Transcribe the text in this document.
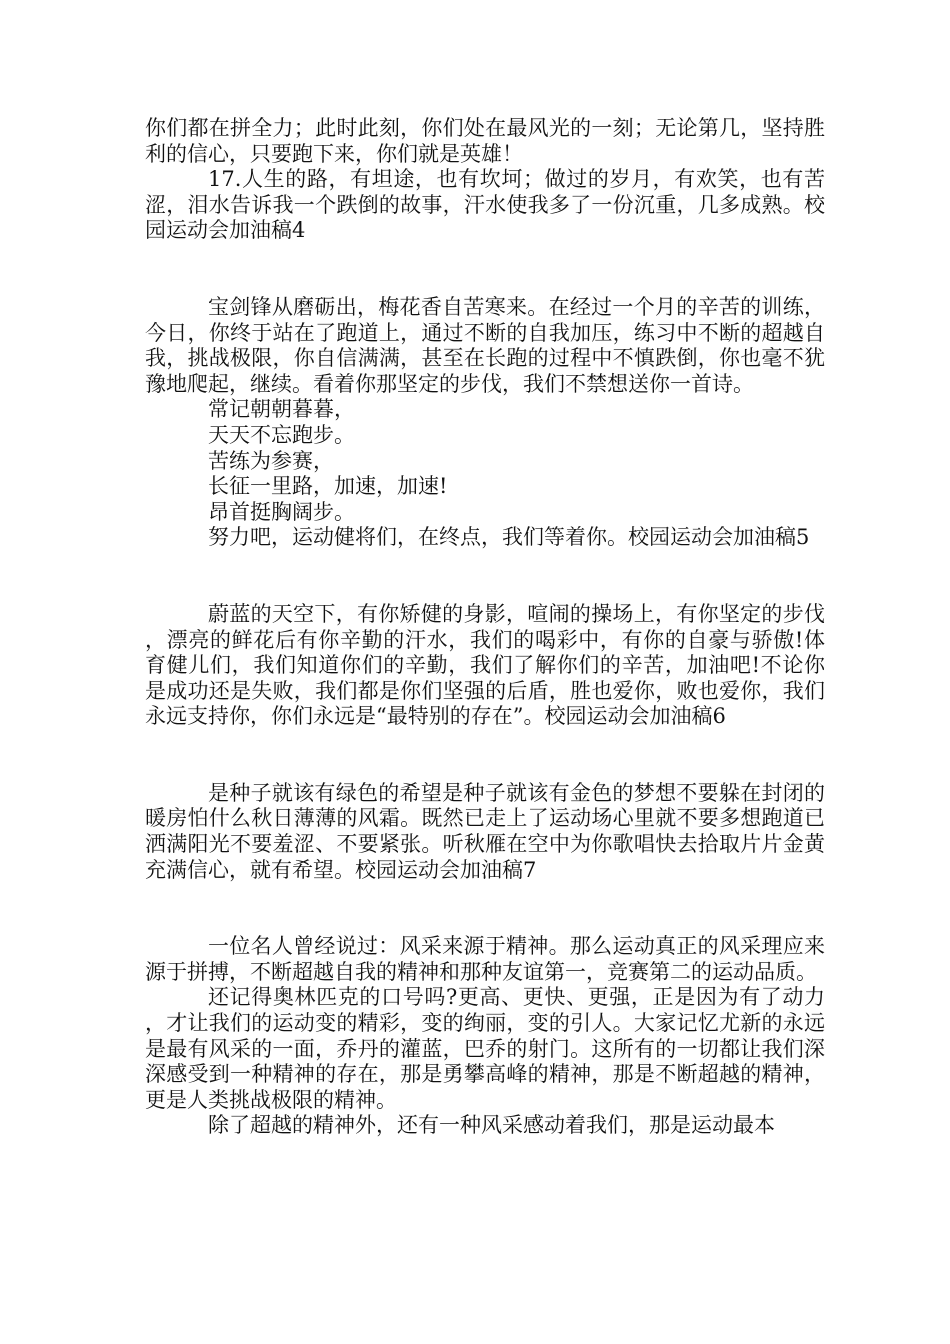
你们都在拼全力；此时此刻，你们处在最风光的一刻；无论第几，坚持胜利的信心，只要跑下来，你们就是英雄！

17.人生的路，有坦途，也有坎坷；做过的岁月，有欢笑，也有苦涩，泪水告诉我一个跌倒的故事，汗水使我多了一份沉重，几多成熟。校园运动会加油稿4

宝剑锋从磨砺出，梅花香自苦寒来。在经过一个月的辛苦的训练，今日，你终于站在了跑道上，通过不断的自我加压，练习中不断的超越自我，挑战极限，你自信满满，甚至在长跑的过程中不慎跌倒，你也毫不犹豫地爬起，继续。看着你那坚定的步伐，我们不禁想送你一首诗。

常记朝朝暮暮，

天天不忘跑步。

苦练为参赛，

长征一里路，加速，加速!

昂首挺胸阔步。

努力吧，运动健将们，在终点，我们等着你。校园运动会加油稿5

蔚蓝的天空下，有你矫健的身影，喧闹的操场上，有你坚定的步伐，漂亮的鲜花后有你辛勤的汗水，我们的喝彩中，有你的自豪与骄傲!体育健儿们，我们知道你们的辛勤，我们了解你们的辛苦，加油吧!不论你是成功还是失败，我们都是你们坚强的后盾，胜也爱你，败也爱你，我们永远支持你，你们永远是“最特别的存在”。校园运动会加油稿6

是种子就该有绿色的希望是种子就该有金色的梦想不要躲在封闭的暖房怕什么秋日薄薄的风霜。既然已走上了运动场心里就不要多想跑道已洒满阳光不要羞涩、不要紧张。听秋雁在空中为你歌唱快去拾取片片金黄充满信心，就有希望。校园运动会加油稿7

一位名人曾经说过：风采来源于精神。那么运动真正的风采理应来源于拼搏，不断超越自我的精神和那种友谊第一，竞赛第二的运动品质。

还记得奥林匹克的口号吗?更高、更快、更强，正是因为有了动力，才让我们的运动变的精彩，变的绚丽，变的引人。大家记忆尤新的永远是最有风采的一面，乔丹的灌蓝，巴乔的射门。这所有的一切都让我们深深感受到一种精神的存在，那是勇攀高峰的精神，那是不断超越的精神，更是人类挑战极限的精神。

除了超越的精神外，还有一种风采感动着我们，那是运动最本
